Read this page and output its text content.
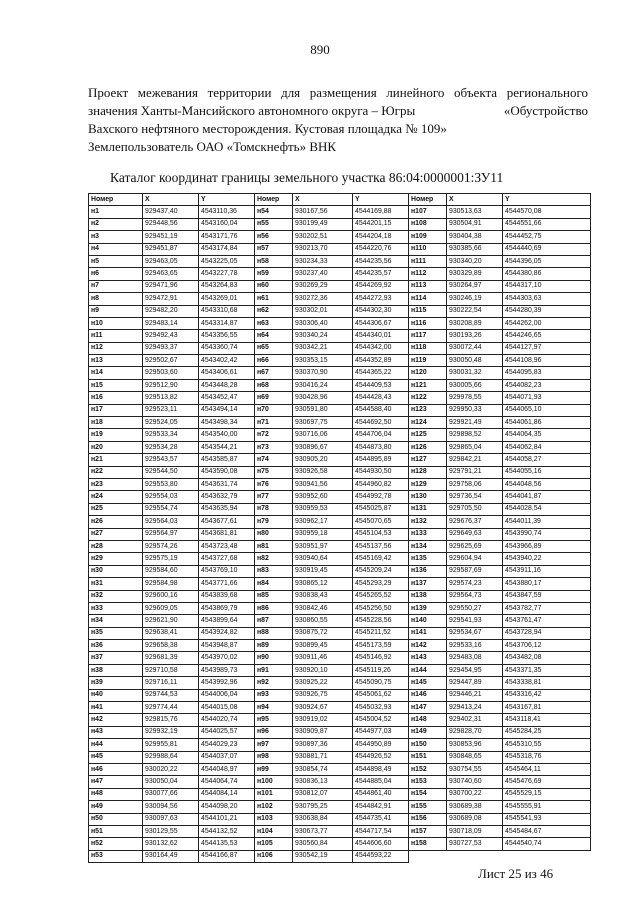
890

Проект межевания территории для размещения линейного объекта регионального

значения Ханты-Мансийского автономного округа – Югры	«Обустройство

Вахского нефтяного месторождения. Кустовая площадка № 109»

Землепользователь ОАО «Томскнефть» ВНК

Каталог координат границы земельного участка 86:04:0000001:ЗУ11
Номер	X	Y	Номер	X	Y	Номер	X	Y
н1	929437,40	4543110,36	н54	930167,56	4544169,88	н107	930513,63	4544570,08
н2	929448,56	4543160,04	н55	930199,49	4544201,15	н108	930504,91	4544551,66
н3	929451,19	4543171,76	н56	930202,51	4544204,18	н109	930404,38	4544452,75
н4	929451,87	4543174,84	н57	930213,70	4544220,76	н110	930385,66	4544440,69
н5	929463,05	4543225,05	н58	930234,33	4544235,56	н111	930340,20	4544396,05
н6	929463,65	4543227,78	н59	930237,40	4544235,57	н112	930329,89	4544380,86
н7	929471,96	4543264,83	н60	930269,29	4544269,92	н113	930264,97	4544317,10
н8	929472,91	4543269,01	н61	930272,36	4544272,93	н114	930246,19	4544303,63
н9	929482,20	4543310,68	н62	930302,01	4544302,30	н115	930222,54	4544280,39
н10	929483,14	4543314,87	н63	930306,40	4544306,67	н116	930208,89	4544262,00
н11	929492,43	4543356,55	н64	930340,24	4544340,01	н117	930193,26	4544246,65
н12	929493,37	4543360,74	н65	930342,21	4544342,00	н118	930072,44	4544127,97
н13	929502,67	4543402,42	н66	930353,15	4544352,89	н119	930050,48	4544108,96
н14	929503,60	4543406,61	н67	930370,90	4544365,22	н120	930031,32	4544095,83
н15	929512,90	4543448,28	н68	930416,24	4544409,53	н121	930005,66	4544082,23
н16	929513,82	4543452,47	н69	930428,96	4544428,43	н122	929978,55	4544071,93
н17	929523,11	4543494,14	н70	930591,80	4544588,40	н123	929950,33	4544065,10
н18	929524,05	4543498,34	н71	930697,75	4544692,50	н124	929921,49	4544061,86
н19	929533,34	4543540,00	н72	930716,06	4544706,04	н125	929898,52	4544064,35
н20	929534,28	4543544,21	н73	930896,67	4544873,80	н126	929865,04	4544062,84
н21	929543,57	4543585,87	н74	930905,20	4544895,89	н127	929842,21	4544058,27
н22	929544,50	4543590,08	н75	930926,58	4544930,50	н128	929791,21	4544055,16
н23	929553,80	4543631,74	н76	930941,56	4544960,82	н129	929758,06	4544048,56
н24	929554,03	4543632,79	н77	930952,60	4544992,78	н130	929736,54	4544041,87
н25	929554,74	4543635,94	н78	930959,53	4545025,87	н131	929705,50	4544028,54
н26	929564,03	4543677,61	н79	930962,17	4545070,65	н132	929676,37	4544011,39
н27	929564,97	4543681,81	н80	930959,18	4545104,53	н133	929649,63	4543990,74
н28	929574,26	4543723,48	н81	930951,97	4545137,56	н134	929625,69	4543966,89
н29	929575,19	4543727,68	н82	930940,64	4545169,42	н135	929604,94	4543940,22
н30	929584,60	4543769,10	н83	930919,45	4545209,24	н136	929587,69	4543911,16
н31	929584,98	4543771,66	н84	930865,12	4545293,29	н137	929574,23	4543880,17
н32	929600,16	4543839,68	н85	930838,43	4545265,52	н138	929564,73	4543847,59
н33	929609,05	4543869,79	н86	930842,46	4545256,50	н139	929550,27	4543782,77
н34	929621,90	4543899,64	н87	930860,55	4545228,56	н140	929541,93	4543761,47
н35	929638,41	4543924,82	н88	930875,72	4545211,52	н141	929534,67	4543728,94
н36	929658,38	4543948,87	н89	930899,45	4545173,59	н142	929533,16	4543706,12
н37	929681,39	4543970,02	н90	930911,46	4545146,92	н143	929483,08	4543482,08
н38	929710,58	4543989,73	н91	930920,10	4545119,26	н144	929454,95	4543371,35
н39	929716,11	4543992,96	н92	930925,22	4545090,75	н145	929447,89	4543338,81
н40	929744,53	4544006,04	н93	930926,75	4545061,62	н146	929446,21	4543316,42
н41	929774,44	4544015,08	н94	930924,67	4545032,93	н147	929413,24	4543167,81
н42	929815,76	4544020,74	н95	930919,02	4545004,52	н148	929402,31	4543118,41
н43	929932,19	4544025,57	н96	930909,87	4544977,03	н149	929828,70	4545284,25
н44	929955,81	4544029,23	н97	930897,36	4544950,89	н150	930853,96	4545310,55
н45	929988,64	4544037,07	н98	930881,71	4544926,52	н151	930848,65	4545318,76
н46	930020,22	4544048,97	н99	930854,74	4544898,49	н152	930754,55	4545464,11
н47	930050,04	4544064,74	н100	930836,13	4544885,04	н153	930740,60	4545476,69
н48	930077,66	4544084,14	н101	930812,07	4544861,40	н154	930700,22	4545529,15
н49	930094,56	4544098,20	н102	930795,25	4544842,91	н155	930689,38	4545555,91
н50	930097,63	4544101,21	н103	930638,84	4544735,41	н156	930689,08	4545541,93
н51	930129,55	4544132,52	н104	930673,77	4544717,54	н157	930718,09	4545484,67
н52	930132,62	4544135,53	н105	930560,84	4544606,60	н158	930727,53	4544540,74
н53	930164,49	4544166,87	н106	930542,19	4544593,22			
Лист 25 из 46
